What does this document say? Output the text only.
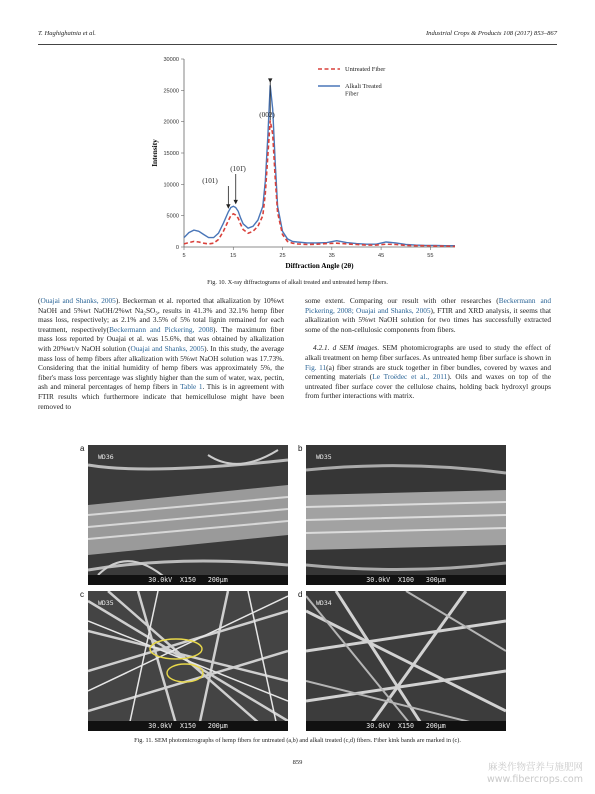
T. Haghighatnia et al.	Industrial Crops & Products 108 (2017) 853–867
0
5000
10000
15000
20000
25000
30000
5	15	25	35	45	55
(002)
(101̄)
(101)
Untreated Fiber
Alkali Treated Fiber
Diffraction Angle (2θ)
Intensity
Fig. 10. X-ray diffractograms of alkali treated and untreated hemp fibers.

(Ouajai and Shanks, 2005). Beckerman et al. reported that alkalization by 10%wt NaOH and 5%wt NaOH/2%wt Na₂SO₃, results in 41.3% and 32.1% hemp fiber mass loss, respectively; as 2.1% and 3.5% of 5% total lignin remained for each treatment, respectively(Beckermann and Pickering, 2008). The maximum fiber mass loss reported by Ouajai et al. was 15.6%, that was obtained by alkalization with 20%wt/v NaOH solution (Ouajai and Shanks, 2005). In this study, the average mass loss of hemp fibers after alkalization with 5%wt NaOH solution was 17.73%. Considering that the initial humidity of hemp fibers was approximately 5%, the fiber's mass loss percentage was slightly higher than the sum of water, wax, pectin, ash and mineral percentages of hemp fibers in Table 1. This is in agreement with FTIR results which furthermore indicate that hemicellulose might have been removed to

some extent. Comparing our result with other researches (Beckermann and Pickering, 2008; Ouajai and Shanks, 2005), FTIR and XRD analysis, it seems that alkalization with 5%wt NaOH solution for two times has successfully extracted some of the non-cellulosic components from fibers.

4.2.1. d SEM images. SEM photomicrographs are used to study the effect of alkali treatment on hemp fiber surfaces. As untreated hemp fiber surface is shown in Fig. 11(a) fiber strands are stuck together in fiber bundles, covered by waxes and cementing materials (Le Troëdec et al., 2011). Oils and waxes on top of the untreated fiber surface cover the cellulose chains, holding back hydroxyl groups from further interactions with matrix.

a
WD36
30.0kV  X150   200μm
b
WD35
30.0kV  X100   300μm
c
WD35
30.0kV  X150   200μm
d
WD34
30.0kV  X150   200μm
Fig. 11. SEM photomicrographs of hemp fibers for untreated (a,b) and alkali treated (c,d) fibers. Fiber kink bands are marked in (c).
859	麻类作物营养与施肥网
www.fibercrops.com
